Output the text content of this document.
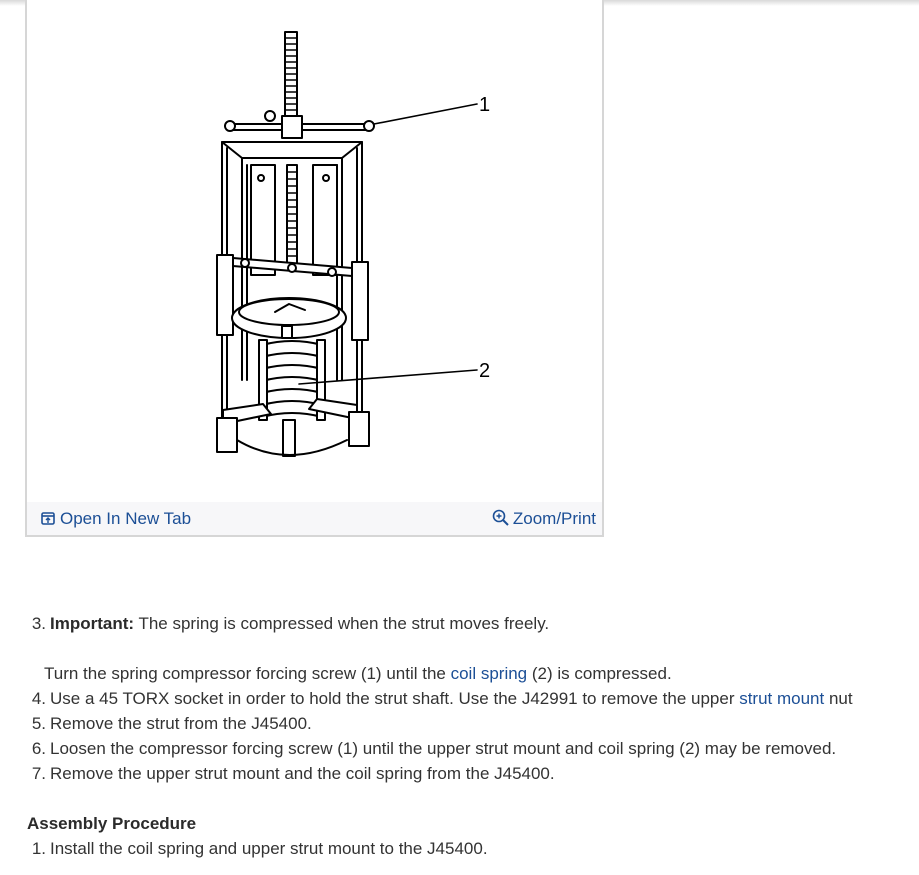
1
2
Open In New Tab	Zoom/Print
3. Important: The spring is compressed when the strut moves freely.
Turn the spring compressor forcing screw (1) until the coil spring (2) is compressed.
4. Use a 45 TORX socket in order to hold the strut shaft. Use the J42991 to remove the upper strut mount nut
5. Remove the strut from the J45400.
6. Loosen the compressor forcing screw (1) until the upper strut mount and coil spring (2) may be removed.
7. Remove the upper strut mount and the coil spring from the J45400.
Assembly Procedure
1. Install the coil spring and upper strut mount to the J45400.
